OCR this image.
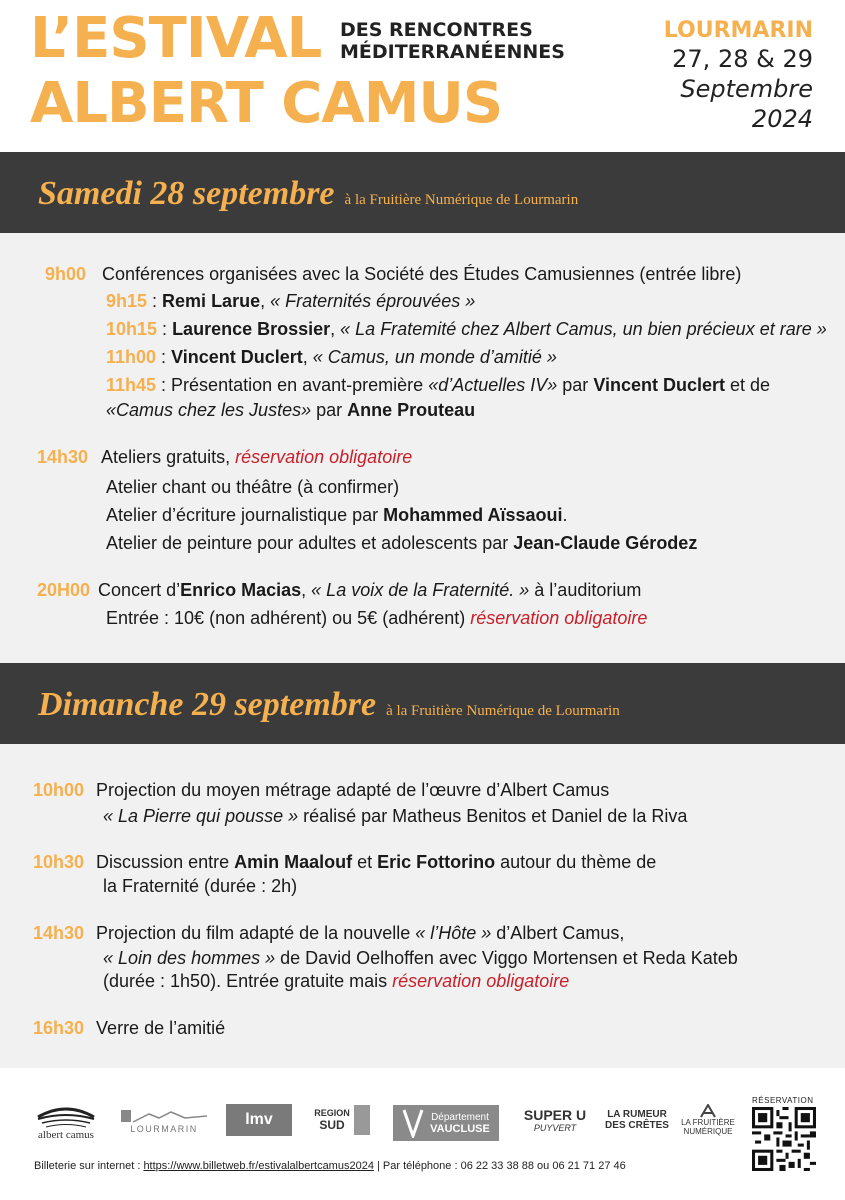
L’ESTIVAL
ALBERT CAMUS
DES RENCONTRES
MÉDITERRANÉENNES
LOURMARIN
27, 28 & 29
Septembre
2024
Samedi 28 septembre à la Fruitière Numérique de Lourmarin
9h00 Conférences organisées avec la Société des Études Camusiennes (entrée libre)
9h15 : Remi Larue, « Fraternités éprouvées »
10h15 : Laurence Brossier, « La Fratemité chez Albert Camus, un bien précieux et rare »
11h00 : Vincent Duclert, « Camus, un monde d’amitié »
11h45 : Présentation en avant-première «d’Actuelles IV» par Vincent Duclert et de
«Camus chez les Justes» par Anne Prouteau
14h30 Ateliers gratuits, réservation obligatoire
Atelier chant ou théâtre (à confirmer)
Atelier d’écriture journalistique par Mohammed Aïssaoui.
Atelier de peinture pour adultes et adolescents par Jean-Claude Gérodez
20H00 Concert d’Enrico Macias, « La voix de la Fraternité. » à l’auditorium
Entrée : 10€ (non adhérent) ou 5€ (adhérent) réservation obligatoire
Dimanche 29 septembre à la Fruitière Numérique de Lourmarin
10h00 Projection du moyen métrage adapté de l’œuvre d’Albert Camus
« La Pierre qui pousse » réalisé par Matheus Benitos et Daniel de la Riva
10h30 Discussion entre Amin Maalouf et Eric Fottorino autour du thème de
la Fraternité (durée : 2h)
14h30 Projection du film adapté de la nouvelle « l’Hôte » d’Albert Camus,
« Loin des hommes » de David Oelhoffen avec Viggo Mortensen et Reda Kateb
(durée : 1h50). Entrée gratuite mais réservation obligatoire
16h30 Verre de l’amitié
albert camus	LOURMARIN
lmv	REGION
SUD
Département
VAUCLUSE
SUPER U
PUYVERT
LA RUMEUR
DES CRÊTES LA FRUITIÈRE
NUMÉRIQUE
RÉSERVATION
Billeterie sur internet : https://www.billetweb.fr/estivalalbertcamus2024 | Par téléphone : 06 22 33 38 88 ou 06 21 71 27 46
